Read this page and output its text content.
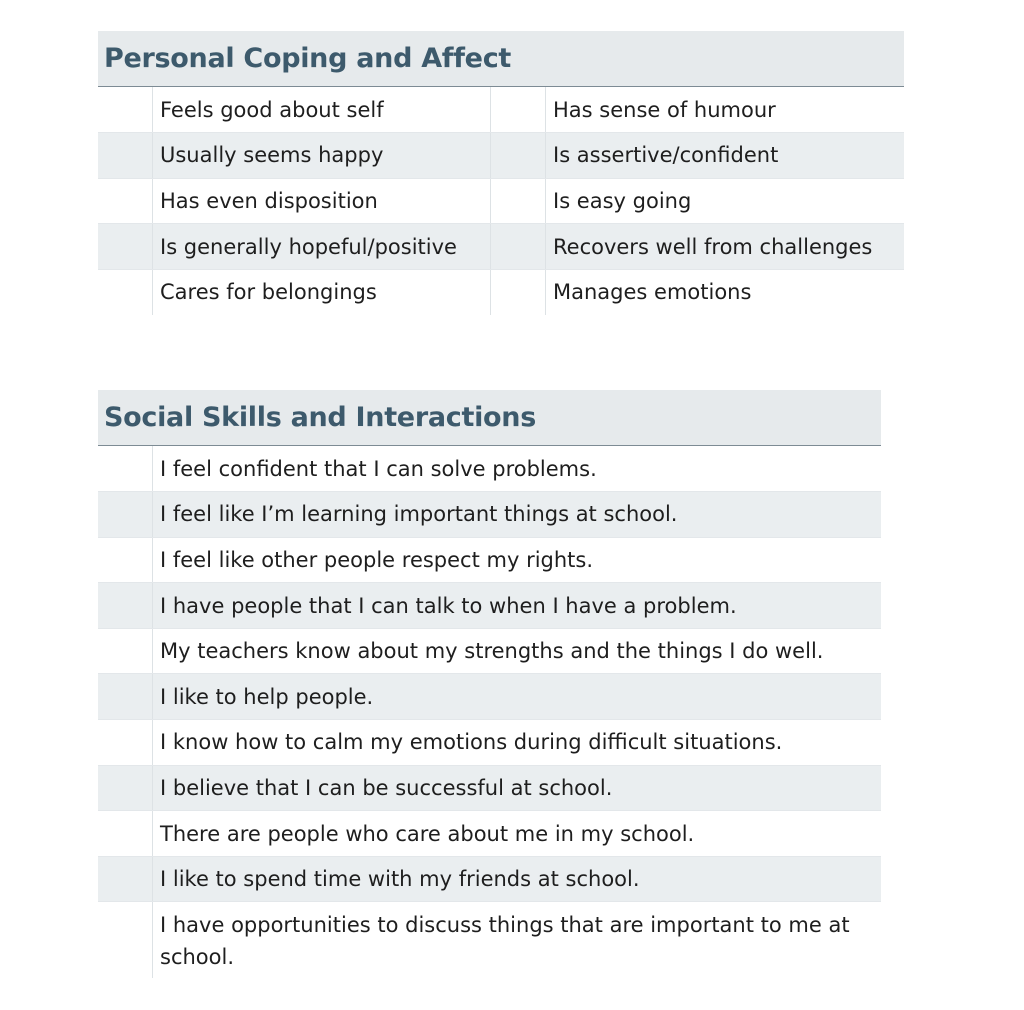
Personal Coping and Affect
	Feels good about self		Has sense of humour
	Usually seems happy		Is assertive/confident
	Has even disposition		Is easy going
	Is generally hopeful/positive		Recovers well from challenges
	Cares for belongings		Manages emotions
Social Skills and Interactions
	I feel confident that I can solve problems.
	I feel like I’m learning important things at school.
	I feel like other people respect my rights.
	I have people that I can talk to when I have a problem.
	My teachers know about my strengths and the things I do well.
	I like to help people.
	I know how to calm my emotions during difficult situations.
	I believe that I can be successful at school.
	There are people who care about me in my school.
	I like to spend time with my friends at school.
	I have opportunities to discuss things that are important to me at school.
